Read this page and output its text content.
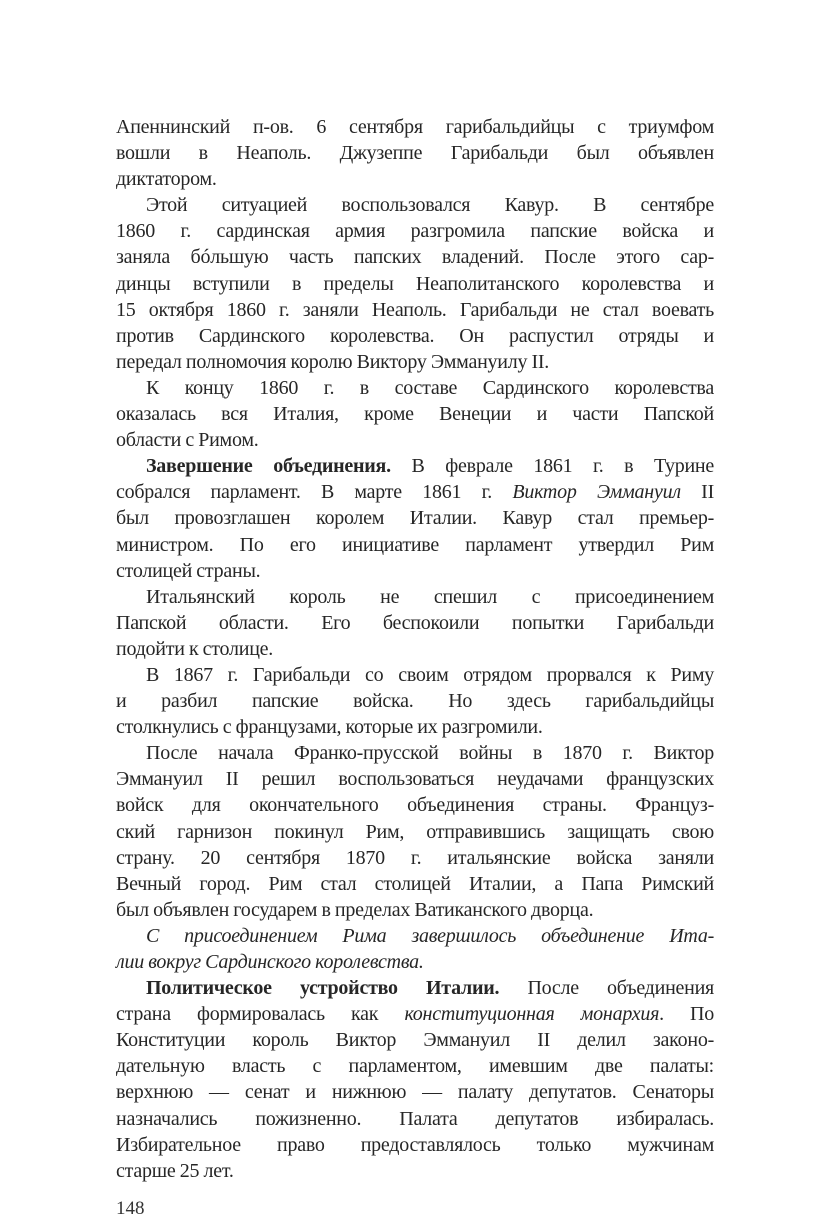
Апеннинский п-ов. 6 сентября гарибальдийцы с триумфом
вошли в Неаполь. Джузеппе Гарибальди был объявлен
диктатором.
Этой ситуацией воспользовался Кавур. В сентябре
1860 г. сардинская армия разгромила папские войска и
заняла бóльшую часть папских владений. После этого сар-
динцы вступили в пределы Неаполитанского королевства и
15 октября 1860 г. заняли Неаполь. Гарибальди не стал воевать
против Сардинского королевства. Он распустил отряды и
передал полномочия королю Виктору Эммануилу II.
К концу 1860 г. в составе Сардинского королевства
оказалась вся Италия, кроме Венеции и части Папской
области с Римом.
Завершение объединения. В феврале 1861 г. в Турине
собрался парламент. В марте 1861 г. Виктор Эммануил II
был провозглашен королем Италии. Кавур стал премьер-
министром. По его инициативе парламент утвердил Рим
столицей страны.
Итальянский король не спешил с присоединением
Папской области. Его беспокоили попытки Гарибальди
подойти к столице.
В 1867 г. Гарибальди со своим отрядом прорвался к Риму
и разбил папские войска. Но здесь гарибальдийцы
столкнулись с французами, которые их разгромили.
После начала Франко-прусской войны в 1870 г. Виктор
Эммануил II решил воспользоваться неудачами французских
войск для окончательного объединения страны. Француз-
ский гарнизон покинул Рим, отправившись защищать свою
страну. 20 сентября 1870 г. итальянские войска заняли
Вечный город. Рим стал столицей Италии, а Папа Римский
был объявлен государем в пределах Ватиканского дворца.
С присоединением Рима завершилось объединение Ита-
лии вокруг Сардинского королевства.
Политическое устройство Италии. После объединения
страна формировалась как конституционная монархия. По
Конституции король Виктор Эммануил II делил законо-
дательную власть с парламентом, имевшим две палаты:
верхнюю — сенат и нижнюю — палату депутатов. Сенаторы
назначались пожизненно. Палата депутатов избиралась.
Избирательное право предоставлялось только мужчинам
старше 25 лет.
148
